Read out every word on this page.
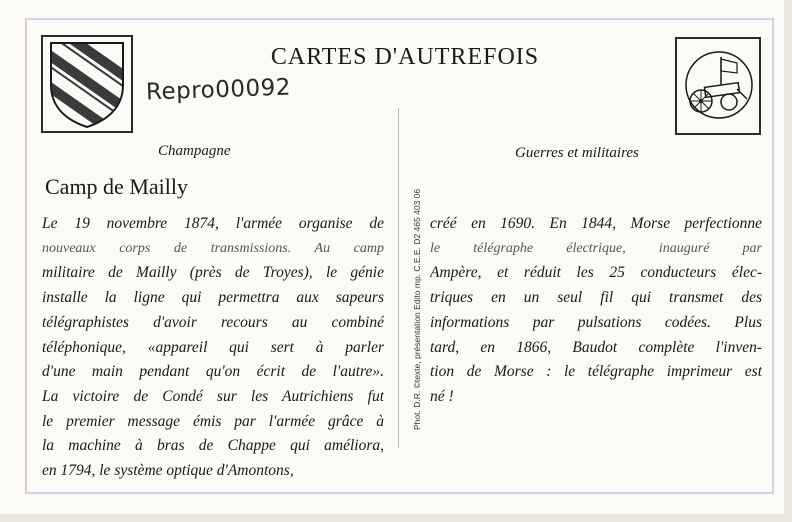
CARTES D'AUTREFOIS
Repro00092
Champagne	Guerres et militaires
Camp de Mailly
Phot. D.R. ©texte, présentation Edito mp. C.E.E. D2 465 403 06
Le 19 novembre 1874, l'armée organise de
nouveaux corps de transmissions. Au camp
militaire de Mailly (près de Troyes), le génie
installe la ligne qui permettra aux sapeurs
télégraphistes d'avoir recours au combiné
téléphonique, «appareil qui sert à parler
d'une main pendant qu'on écrit de l'autre».
La victoire de Condé sur les Autrichiens fut
le premier message émis par l'armée grâce à
la machine à bras de Chappe qui améliora,
en 1794, le système optique d'Amontons,
créé en 1690. En 1844, Morse perfectionne
le télégraphe électrique, inauguré par
Ampère, et réduit les 25 conducteurs élec-
triques en un seul fil qui transmet des
informations par pulsations codées. Plus
tard, en 1866, Baudot complète l'inven-
tion de Morse : le télégraphe imprimeur est
né !
